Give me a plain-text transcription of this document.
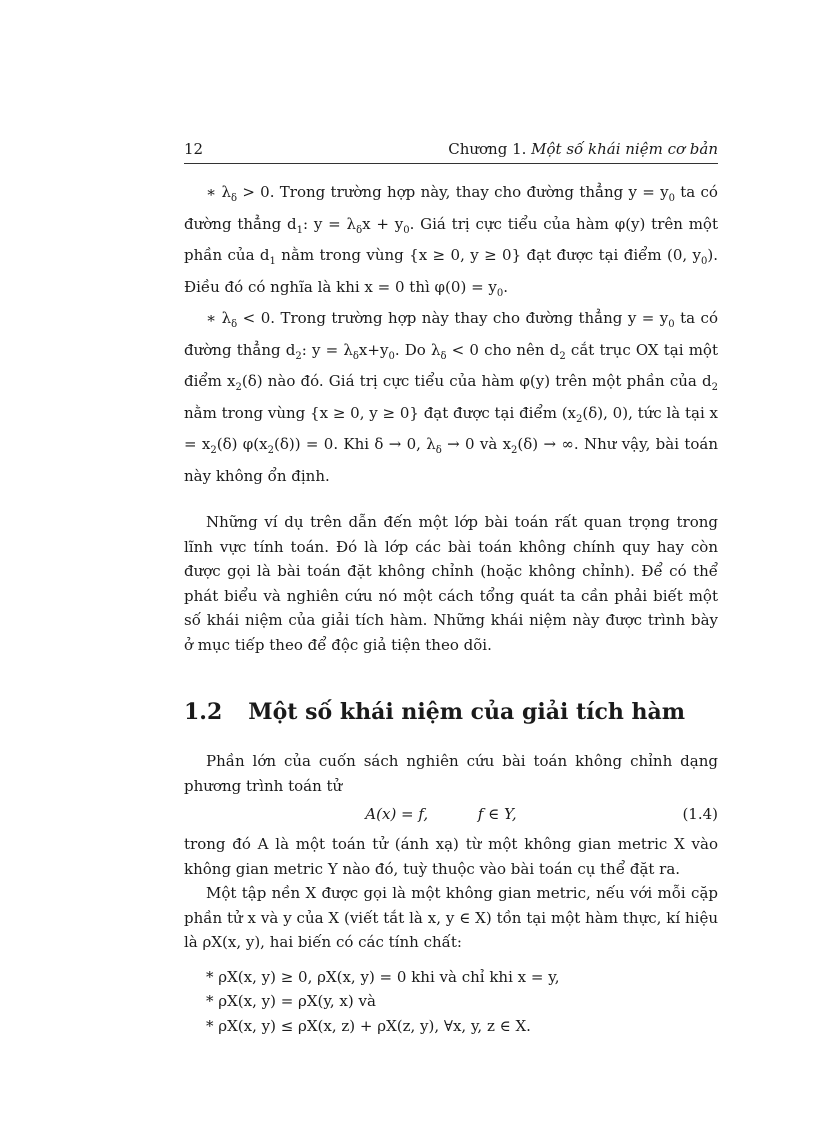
12	Chương 1. Một số khái niệm cơ bản

∗ $\lambda_\delta > 0$. Trong trường hợp này, thay cho đường thẳng $y = y_0$ ta có đường thẳng $d_1$: $y = \lambda_\delta x + y_0$. Giá trị cực tiểu của hàm φ(y) trên một phần của $d_1$ nằm trong vùng {x ≥ 0, y ≥ 0} đạt được tại điểm (0, $y_0$). Điều đó có nghĩa là khi x = 0 thì $\varphi(0) = y_0$.

∗ $\lambda_\delta < 0$. Trong trường hợp này thay cho đường thẳng $y = y_0$ ta có đường thẳng $d_2$: $y = \lambda_\delta x+y_0$. Do $\lambda_\delta < 0$ cho nên $d_2$ cắt trục OX tại một điểm $x_2(\delta)$ nào đó. Giá trị cực tiểu của hàm φ(y) trên một phần của $d_2$ nằm trong vùng {x ≥ 0, y ≥ 0} đạt được tại điểm ($x_2(\delta)$, 0), tức là tại $x = x_2(\delta) \varphi(x_2(\delta)) = 0$. Khi δ → 0, $\lambda_\delta \to 0$ và $x_2(\delta)$ → ∞. Như vậy, bài toán này không ổn định.

Những ví dụ trên dẫn đến một lớp bài toán rất quan trọng trong lĩnh vực tính toán. Đó là lớp các bài toán không chính quy hay còn được gọi là bài toán đặt không chỉnh (hoặc không chỉnh). Để có thể phát biểu và nghiên cứu nó một cách tổng quát ta cần phải biết một số khái niệm của giải tích hàm. Những khái niệm này được trình bày ở mục tiếp theo để độc giả tiện theo dõi.

1.2 Một số khái niệm của giải tích hàm

Phần lớn của cuốn sách nghiên cứu bài toán không chỉnh dạng phương trình toán tử

A(x) = f,	f ∈ Y,	(1.4)

trong đó A là một toán tử (ánh xạ) từ một không gian metric X vào không gian metric Y nào đó, tuỳ thuộc vào bài toán cụ thể đặt ra.

Một tập nền X được gọi là một không gian metric, nếu với mỗi cặp phần tử x và y của X (viết tắt là x, y ∈ X) tồn tại một hàm thực, kí hiệu là ρX(x, y), hai biến có các tính chất:

* ρX(x, y) ≥ 0, ρX(x, y) = 0 khi và chỉ khi x = y,
* ρX(x, y) = ρX(y, x) và
* ρX(x, y) ≤ ρX(x, z) + ρX(z, y), ∀x, y, z ∈ X.
